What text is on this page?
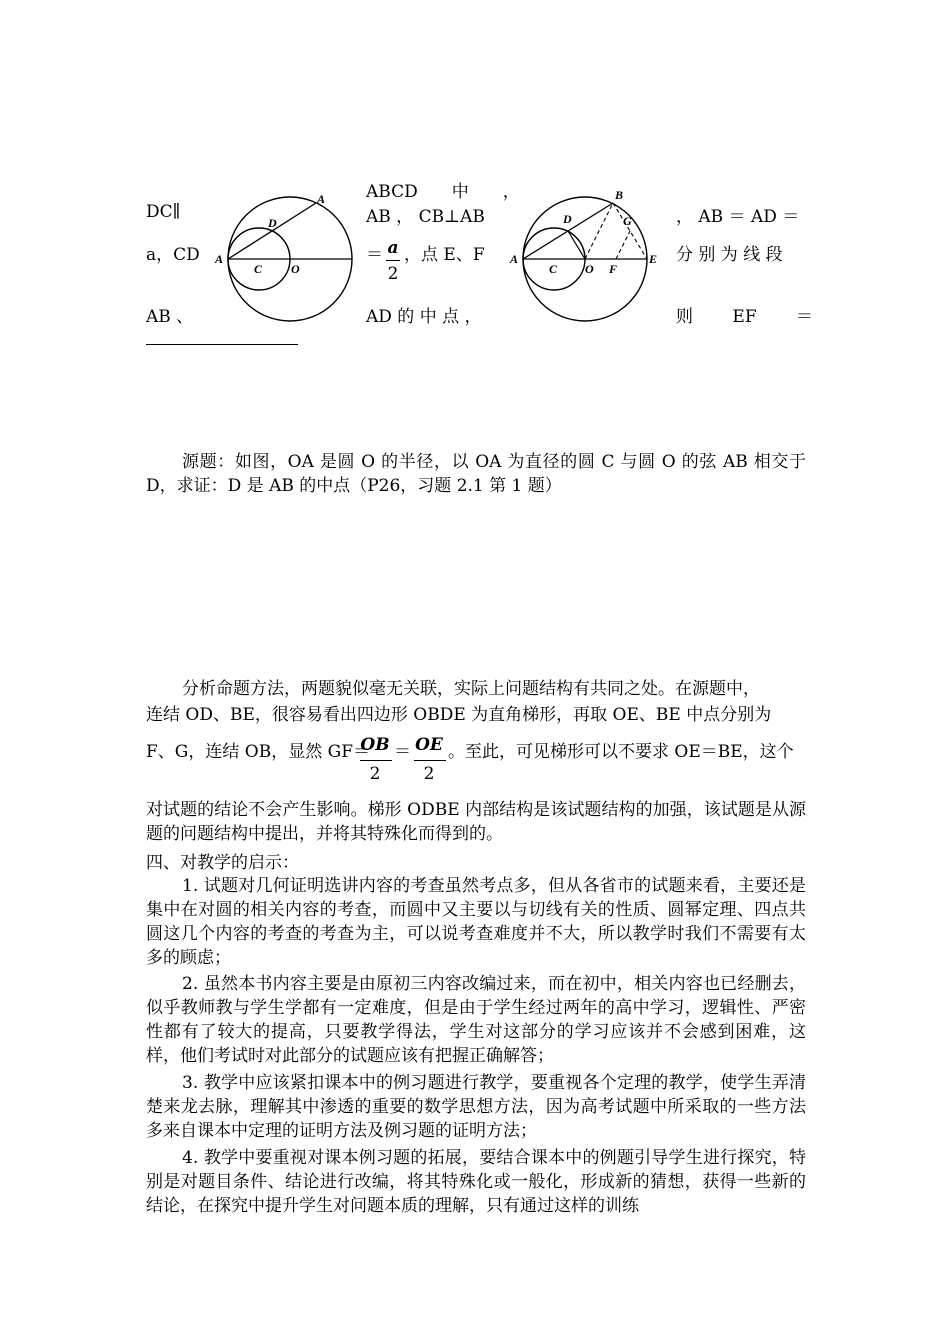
DC∥
a，CD
AB 、
ABCD　　中　　，
AB ， CB⊥AB
＝ a
2
，点 E、F
AD 的 中 点 ，
， AB ＝ AD ＝
分 别 为 线 段
则　　 EF　　 ＝
A
D
A
C O
B
D	G
A
C O F
E
源题：如图，OA 是圆 O 的半径，以 OA 为直径的圆 C 与圆 O 的弦 AB 相交于 D，求证：D 是 AB 的中点（P26，习题 2.1 第 1 题）
分析命题方法，两题貌似毫无关联，实际上问题结构有共同之处。在源题中，
连结 OD、BE，很容易看出四边形 OBDE 为直角梯形，再取 OE、BE 中点分别为
F、G，连结 OB，显然 GF＝
OB
2
＝ OE
2
。至此，可见梯形可以不要求 OE＝BE，这个
对试题的结论不会产生影响。梯形 ODBE 内部结构是该试题结构的加强，该试题是从源题的问题结构中提出，并将其特殊化而得到的。
四、对教学的启示：
1. 试题对几何证明选讲内容的考查虽然考点多，但从各省市的试题来看，主要还是集中在对圆的相关内容的考查，而圆中又主要以与切线有关的性质、圆幂定理、四点共圆这几个内容的考查的考查为主，可以说考查难度并不大，所以教学时我们不需要有太多的顾虑；
2. 虽然本书内容主要是由原初三内容改编过来，而在初中，相关内容也已经删去，似乎教师教与学生学都有一定难度，但是由于学生经过两年的高中学习，逻辑性、严密性都有了较大的提高，只要教学得法，学生对这部分的学习应该并不会感到困难，这样，他们考试时对此部分的试题应该有把握正确解答；
3. 教学中应该紧扣课本中的例习题进行教学，要重视各个定理的教学，使学生弄清楚来龙去脉，理解其中渗透的重要的数学思想方法，因为高考试题中所采取的一些方法多来自课本中定理的证明方法及例习题的证明方法；
4. 教学中要重视对课本例习题的拓展，要结合课本中的例题引导学生进行探究，特别是对题目条件、结论进行改编，将其特殊化或一般化，形成新的猜想，获得一些新的结论，在探究中提升学生对问题本质的理解，只有通过这样的训练
